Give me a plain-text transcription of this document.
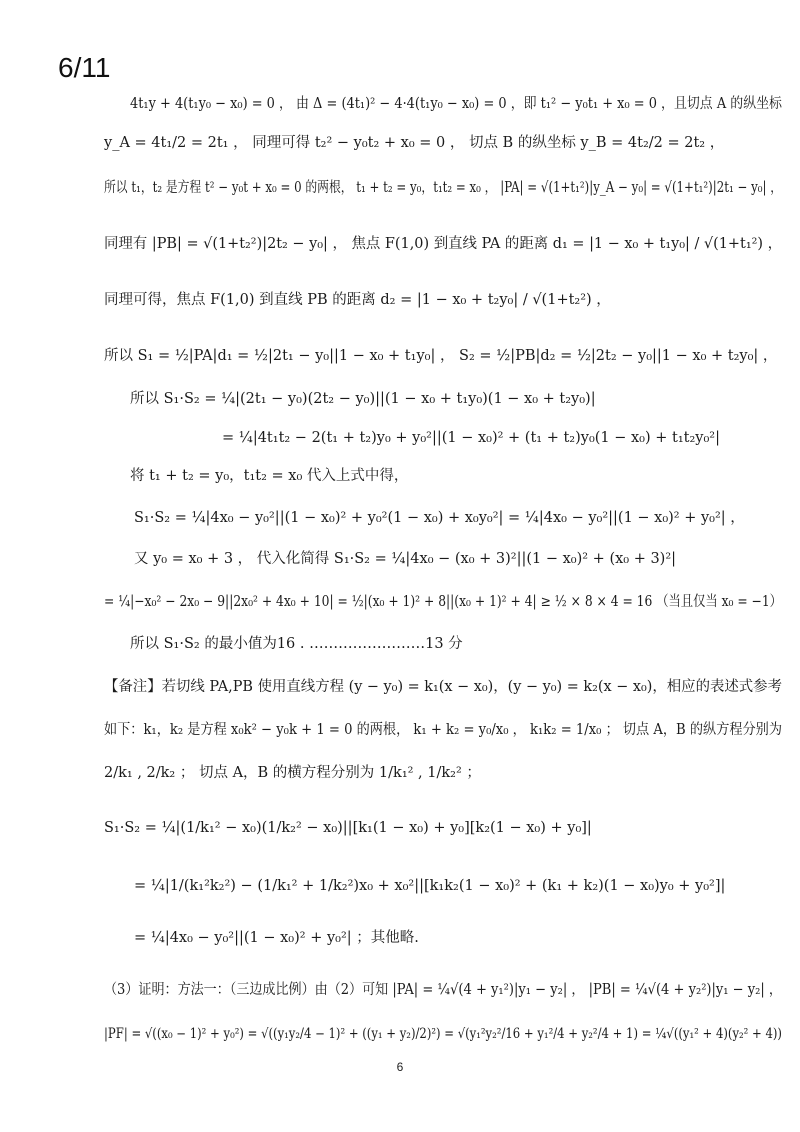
6/11
4t₁y + 4(t₁y₀ − x₀) = 0 ， 由 Δ = (4t₁)² − 4·4(t₁y₀ − x₀) = 0 ，即 t₁² − y₀t₁ + x₀ = 0 ，且切点 A 的纵坐标
y_A = 4t₁/2 = 2t₁ ， 同理可得 t₂² − y₀t₂ + x₀ = 0 ， 切点 B 的纵坐标 y_B = 4t₂/2 = 2t₂ ，
所以 t₁，t₂ 是方程 t² − y₀t + x₀ = 0 的两根， t₁ + t₂ = y₀，t₁t₂ = x₀ ， |PA| = √(1+t₁²)|y_A − y₀| = √(1+t₁²)|2t₁ − y₀| ，
同理有 |PB| = √(1+t₂²)|2t₂ − y₀| ， 焦点 F(1,0) 到直线 PA 的距离 d₁ = |1 − x₀ + t₁y₀| / √(1+t₁²) ，
同理可得，焦点 F(1,0) 到直线 PB 的距离 d₂ = |1 − x₀ + t₂y₀| / √(1+t₂²) ，
所以 S₁ = ½|PA|d₁ = ½|2t₁ − y₀||1 − x₀ + t₁y₀| ， S₂ = ½|PB|d₂ = ½|2t₂ − y₀||1 − x₀ + t₂y₀| ，
所以 S₁·S₂ = ¼|(2t₁ − y₀)(2t₂ − y₀)||(1 − x₀ + t₁y₀)(1 − x₀ + t₂y₀)|
= ¼|4t₁t₂ − 2(t₁ + t₂)y₀ + y₀²||(1 − x₀)² + (t₁ + t₂)y₀(1 − x₀) + t₁t₂y₀²|
将 t₁ + t₂ = y₀，t₁t₂ = x₀ 代入上式中得，
S₁·S₂ = ¼|4x₀ − y₀²||(1 − x₀)² + y₀²(1 − x₀) + x₀y₀²| = ¼|4x₀ − y₀²||(1 − x₀)² + y₀²| ，
又 y₀ = x₀ + 3 ， 代入化简得 S₁·S₂ = ¼|4x₀ − (x₀ + 3)²||(1 − x₀)² + (x₀ + 3)²|
= ¼|−x₀² − 2x₀ − 9||2x₀² + 4x₀ + 10| = ½|(x₀ + 1)² + 8||(x₀ + 1)² + 4| ≥ ½ × 8 × 4 = 16 （当且仅当 x₀ = −1）
所以 S₁·S₂ 的最小值为16 . ……………………13 分
【备注】若切线 PA,PB 使用直线方程 (y − y₀) = k₁(x − x₀)，(y − y₀) = k₂(x − x₀)，相应的表述式参考
如下：k₁，k₂ 是方程 x₀k² − y₀k + 1 = 0 的两根， k₁ + k₂ = y₀/x₀ ， k₁k₂ = 1/x₀ ； 切点 A，B 的纵方程分别为
2/k₁ , 2/k₂ ； 切点 A，B 的横方程分别为 1/k₁² , 1/k₂² ；
S₁·S₂ = ¼|(1/k₁² − x₀)(1/k₂² − x₀)||[k₁(1 − x₀) + y₀][k₂(1 − x₀) + y₀]|
= ¼|1/(k₁²k₂²) − (1/k₁² + 1/k₂²)x₀ + x₀²||[k₁k₂(1 − x₀)² + (k₁ + k₂)(1 − x₀)y₀ + y₀²]|
= ¼|4x₀ − y₀²||(1 − x₀)² + y₀²| ；其他略.
（3）证明：方法一：（三边成比例）由（2）可知 |PA| = ¼√(4 + y₁²)|y₁ − y₂| ， |PB| = ¼√(4 + y₂²)|y₁ − y₂| ，
|PF| = √((x₀ − 1)² + y₀²) = √((y₁y₂/4 − 1)² + ((y₁ + y₂)/2)²) = √(y₁²y₂²/16 + y₁²/4 + y₂²/4 + 1) = ¼√((y₁² + 4)(y₂² + 4))
6
